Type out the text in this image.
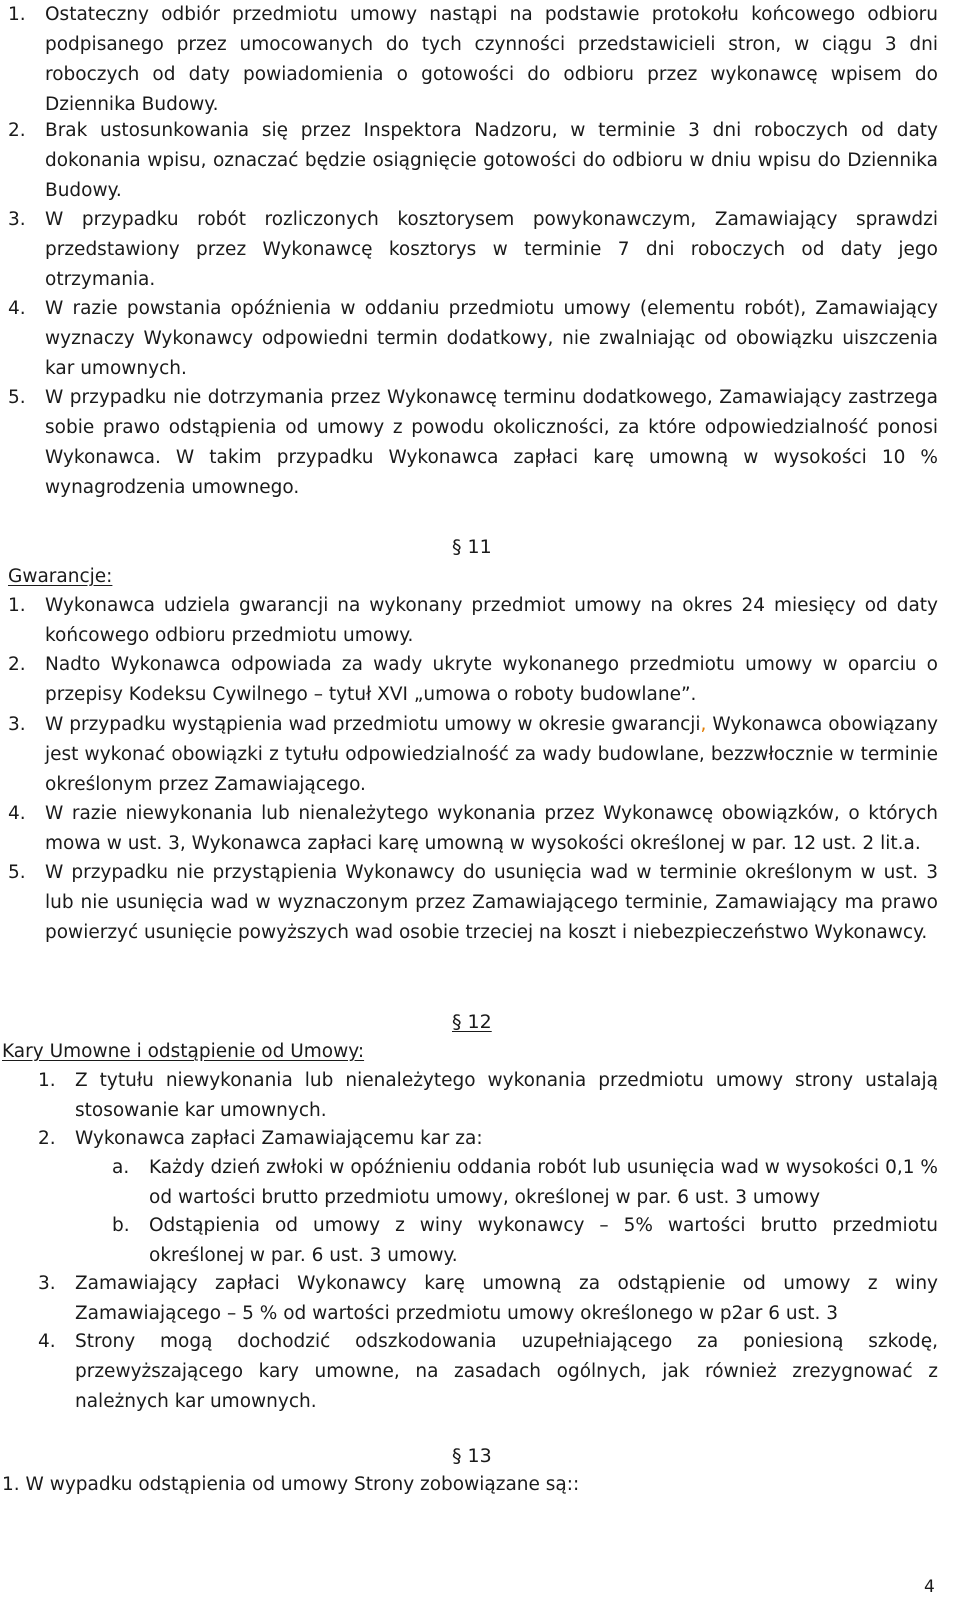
1. Ostateczny odbiór przedmiotu umowy nastąpi na podstawie protokołu końcowego odbioru podpisanego przez umocowanych do tych czynności przedstawicieli stron, w ciągu 3 dni roboczych od daty powiadomienia o gotowości do odbioru przez wykonawcę wpisem do Dziennika Budowy.
2. Brak ustosunkowania się przez Inspektora Nadzoru, w terminie 3 dni roboczych od daty dokonania wpisu, oznaczać będzie osiągnięcie gotowości do odbioru w dniu wpisu do Dziennika Budowy.
3. W przypadku robót rozliczonych kosztorysem powykonawczym, Zamawiający sprawdzi przedstawiony przez Wykonawcę kosztorys w terminie 7 dni roboczych od daty jego otrzymania.
4. W razie powstania opóźnienia w oddaniu przedmiotu umowy (elementu robót), Zamawiający wyznaczy Wykonawcy odpowiedni termin dodatkowy, nie zwalniając od obowiązku uiszczenia kar umownych.
5. W przypadku nie dotrzymania przez Wykonawcę terminu dodatkowego, Zamawiający zastrzega sobie prawo odstąpienia od umowy z powodu okoliczności, za które odpowiedzialność ponosi Wykonawca. W takim przypadku Wykonawca zapłaci karę umowną w wysokości 10 % wynagrodzenia umownego.
§ 11
Gwarancje:
1. Wykonawca udziela gwarancji na wykonany przedmiot umowy na okres 24 miesięcy od daty końcowego odbioru przedmiotu umowy.
2. Nadto Wykonawca odpowiada za wady ukryte wykonanego przedmiotu umowy w oparciu o przepisy Kodeksu Cywilnego – tytuł XVI „umowa o roboty budowlane”.
3. W przypadku wystąpienia wad przedmiotu umowy w okresie gwarancji, Wykonawca obowiązany jest wykonać obowiązki z tytułu odpowiedzialność za wady budowlane, bezzwłocznie w terminie określonym przez Zamawiającego.
4. W razie niewykonania lub nienależytego wykonania przez Wykonawcę obowiązków, o których mowa w ust. 3, Wykonawca zapłaci karę umowną w wysokości określonej w par. 12 ust. 2 lit.a.
5. W przypadku nie przystąpienia Wykonawcy do usunięcia wad w terminie określonym w ust. 3 lub nie usunięcia wad w wyznaczonym przez Zamawiającego terminie, Zamawiający ma prawo powierzyć usunięcie powyższych wad osobie trzeciej na koszt i niebezpieczeństwo Wykonawcy.
§ 12
Kary Umowne i odstąpienie od Umowy:
1. Z tytułu niewykonania lub nienależytego wykonania przedmiotu umowy strony ustalają stosowanie kar umownych.
2. Wykonawca zapłaci Zamawiającemu kar za:
a. Każdy dzień zwłoki w opóźnieniu oddania robót lub usunięcia wad w wysokości 0,1 % od wartości brutto przedmiotu umowy, określonej w par. 6 ust. 3 umowy
b. Odstąpienia od umowy z winy wykonawcy – 5% wartości brutto przedmiotu określonej w par. 6 ust. 3 umowy.
3. Zamawiający zapłaci Wykonawcy karę umowną za odstąpienie od umowy z winy Zamawiającego – 5 % od wartości przedmiotu umowy określonego w p2ar 6 ust. 3
4. Strony mogą dochodzić odszkodowania uzupełniającego za poniesioną szkodę, przewyższającego kary umowne, na zasadach ogólnych, jak również zrezygnować z należnych kar umownych.
§ 13
1. W wypadku odstąpienia od umowy Strony zobowiązane są::
4
